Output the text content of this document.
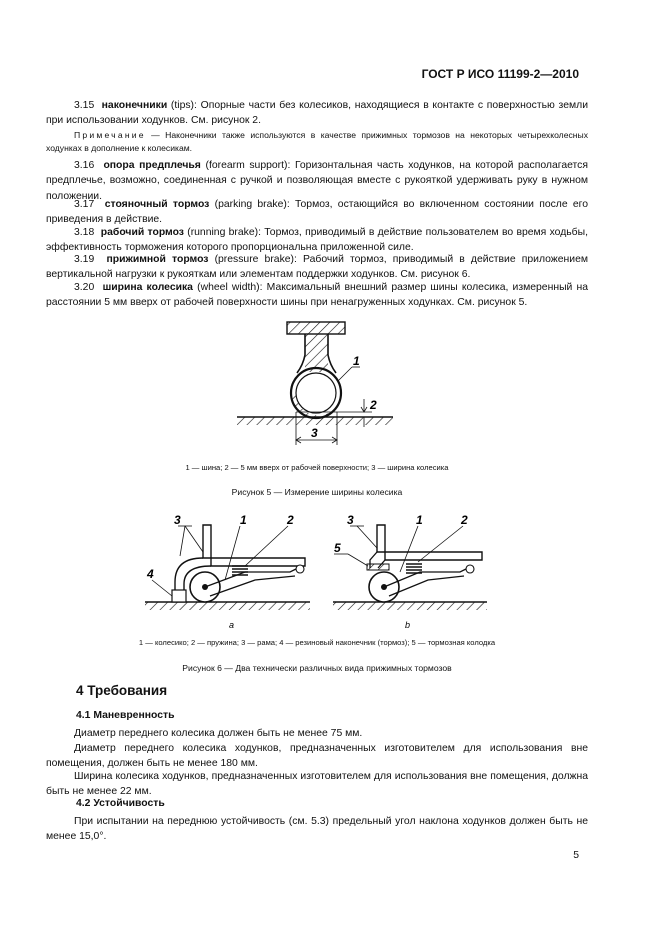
ГОСТ Р ИСО 11199-2—2010

3.15 наконечники (tips): Опорные части без колесиков, находящиеся в контакте с поверхностью земли при использовании ходунков. См. рисунок 2.

Примечание — Наконечники также используются в качестве прижимных тормозов на некоторых четырехколесных ходунках в дополнение к колесикам.

3.16 опора предплечья (forearm support): Горизонтальная часть ходунков, на которой располагается предплечье, возможно, соединенная с ручкой и позволяющая вместе с рукояткой удерживать руку в нужном положении.

3.17 стояночный тормоз (parking brake): Тормоз, остающийся во включенном состоянии после его приведения в действие.

3.18 рабочий тормоз (running brake): Тормоз, приводимый в действие пользователем во время ходьбы, эффективность торможения которого пропорциональна приложенной силе.

3.19 прижимной тормоз (pressure brake): Рабочий тормоз, приводимый в действие приложением вертикальной нагрузки к рукояткам или элементам поддержки ходунков. См. рисунок 6.

3.20 ширина колесика (wheel width): Максимальный внешний размер шины колесика, измеренный на расстоянии 5 мм вверх от рабочей поверхности шины при ненагруженных ходунках. См. рисунок 5.

1
2
3
1 — шина; 2 — 5 мм вверх от рабочей поверхности; 3 — ширина колесика
Рисунок 5 — Измерение ширины колесика
3	1	2
4
a
3	1	2
5
b
1 — колесико; 2 — пружина; 3 — рама; 4 — резиновый наконечник (тормоз); 5 — тормозная колодка
Рисунок 6 — Два технически различных вида прижимных тормозов
4 Требования
4.1 Маневренность

Диаметр переднего колесика должен быть не менее 75 мм.

Диаметр переднего колесика ходунков, предназначенных изготовителем для использования вне помещения, должен быть не менее 180 мм.

Ширина колесика ходунков, предназначенных изготовителем для использования вне помещения, должна быть не менее 22 мм.

4.2 Устойчивость

При испытании на переднюю устойчивость (см. 5.3) предельный угол наклона ходунков должен быть не менее 15,0°.

5
